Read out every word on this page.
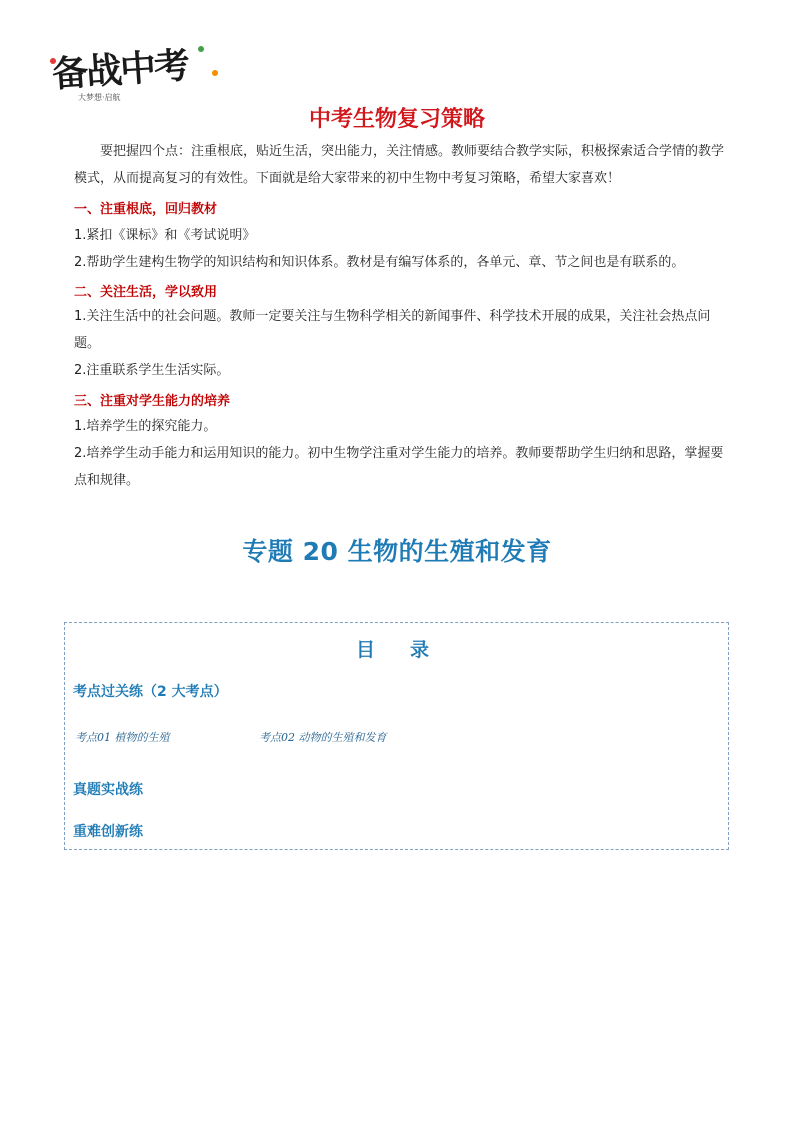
备战中考
大梦想·启航
中考生物复习策略
要把握四个点：注重根底，贴近生活，突出能力，关注情感。教师要结合教学实际，积极探索适合学情的教学模式，从而提高复习的有效性。下面就是给大家带来的初中生物中考复习策略，希望大家喜欢！
一、注重根底，回归教材
1.紧扣《课标》和《考试说明》
2.帮助学生建构生物学的知识结构和知识体系。教材是有编写体系的，各单元、章、节之间也是有联系的。
二、关注生活，学以致用
1.关注生活中的社会问题。教师一定要关注与生物科学相关的新闻事件、科学技术开展的成果，关注社会热点问题。
2.注重联系学生生活实际。
三、注重对学生能力的培养
1.培养学生的探究能力。
2.培养学生动手能力和运用知识的能力。初中生物学注重对学生能力的培养。教师要帮助学生归纳和思路，掌握要点和规律。
专题 20 生物的生殖和发育
目　录
考点过关练（2 大考点）
考点01 植物的生殖	考点02 动物的生殖和发育
真题实战练
重难创新练
